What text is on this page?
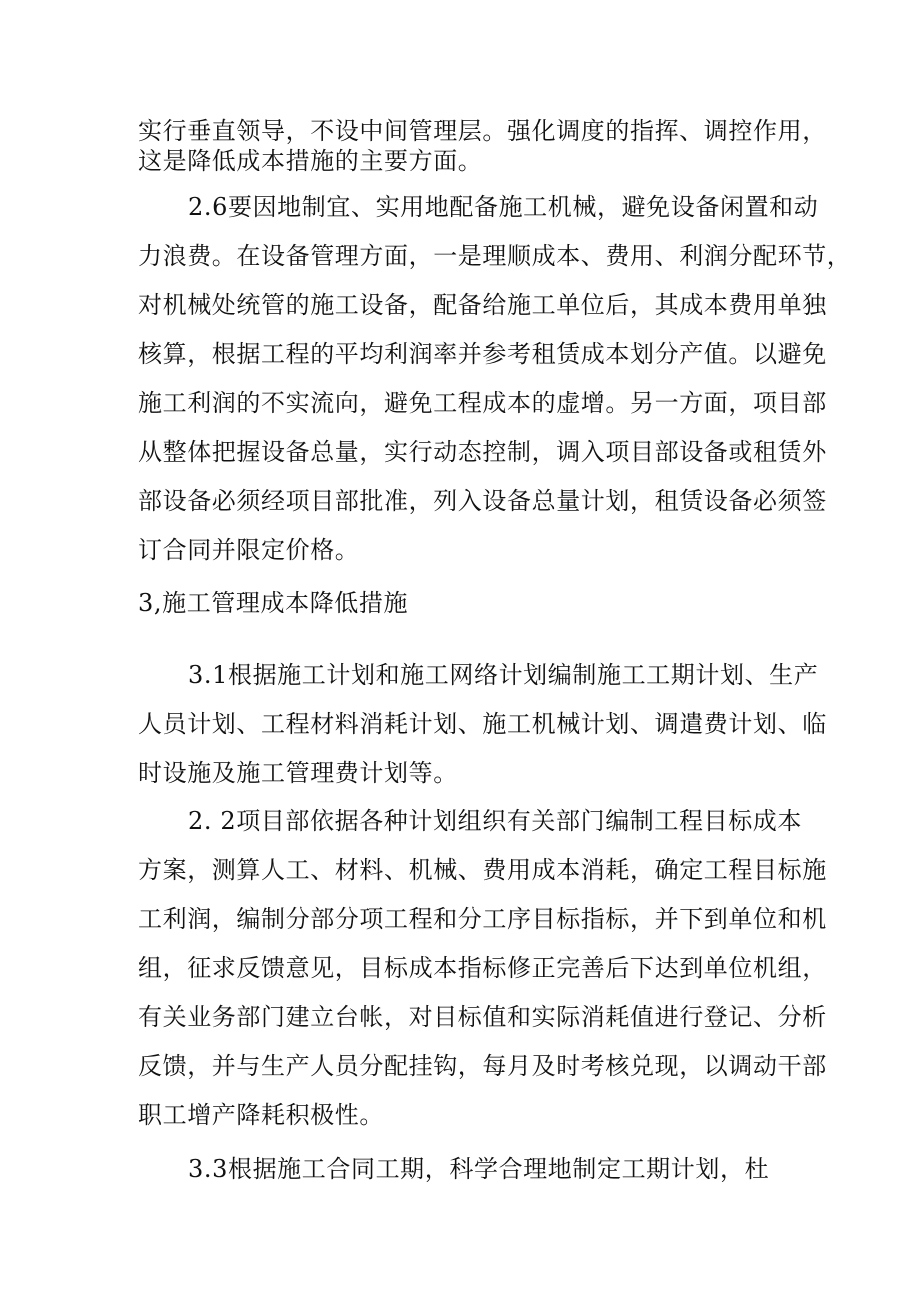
实行垂直领导，不设中间管理层。强化调度的指挥、调控作用，
这是降低成本措施的主要方面。
2.6要因地制宜、实用地配备施工机械，避免设备闲置和动
力浪费。在设备管理方面，一是理顺成本、费用、利润分配环节，
对机械处统管的施工设备，配备给施工单位后，其成本费用单独
核算，根据工程的平均利润率并参考租赁成本划分产值。以避免
施工利润的不实流向，避免工程成本的虚增。另一方面，项目部
从整体把握设备总量，实行动态控制，调入项目部设备或租赁外
部设备必须经项目部批准，列入设备总量计划，租赁设备必须签
订合同并限定价格。
3,施工管理成本降低措施
3.1根据施工计划和施工网络计划编制施工工期计划、生产
人员计划、工程材料消耗计划、施工机械计划、调遣费计划、临
时设施及施工管理费计划等。
2. 2项目部依据各种计划组织有关部门编制工程目标成本
方案，测算人工、材料、机械、费用成本消耗，确定工程目标施
工利润，编制分部分项工程和分工序目标指标，并下到单位和机
组，征求反馈意见，目标成本指标修正完善后下达到单位机组，
有关业务部门建立台帐，对目标值和实际消耗值进行登记、分析
反馈，并与生产人员分配挂钩，每月及时考核兑现，以调动干部
职工增产降耗积极性。
3.3根据施工合同工期，科学合理地制定工期计划，杜
